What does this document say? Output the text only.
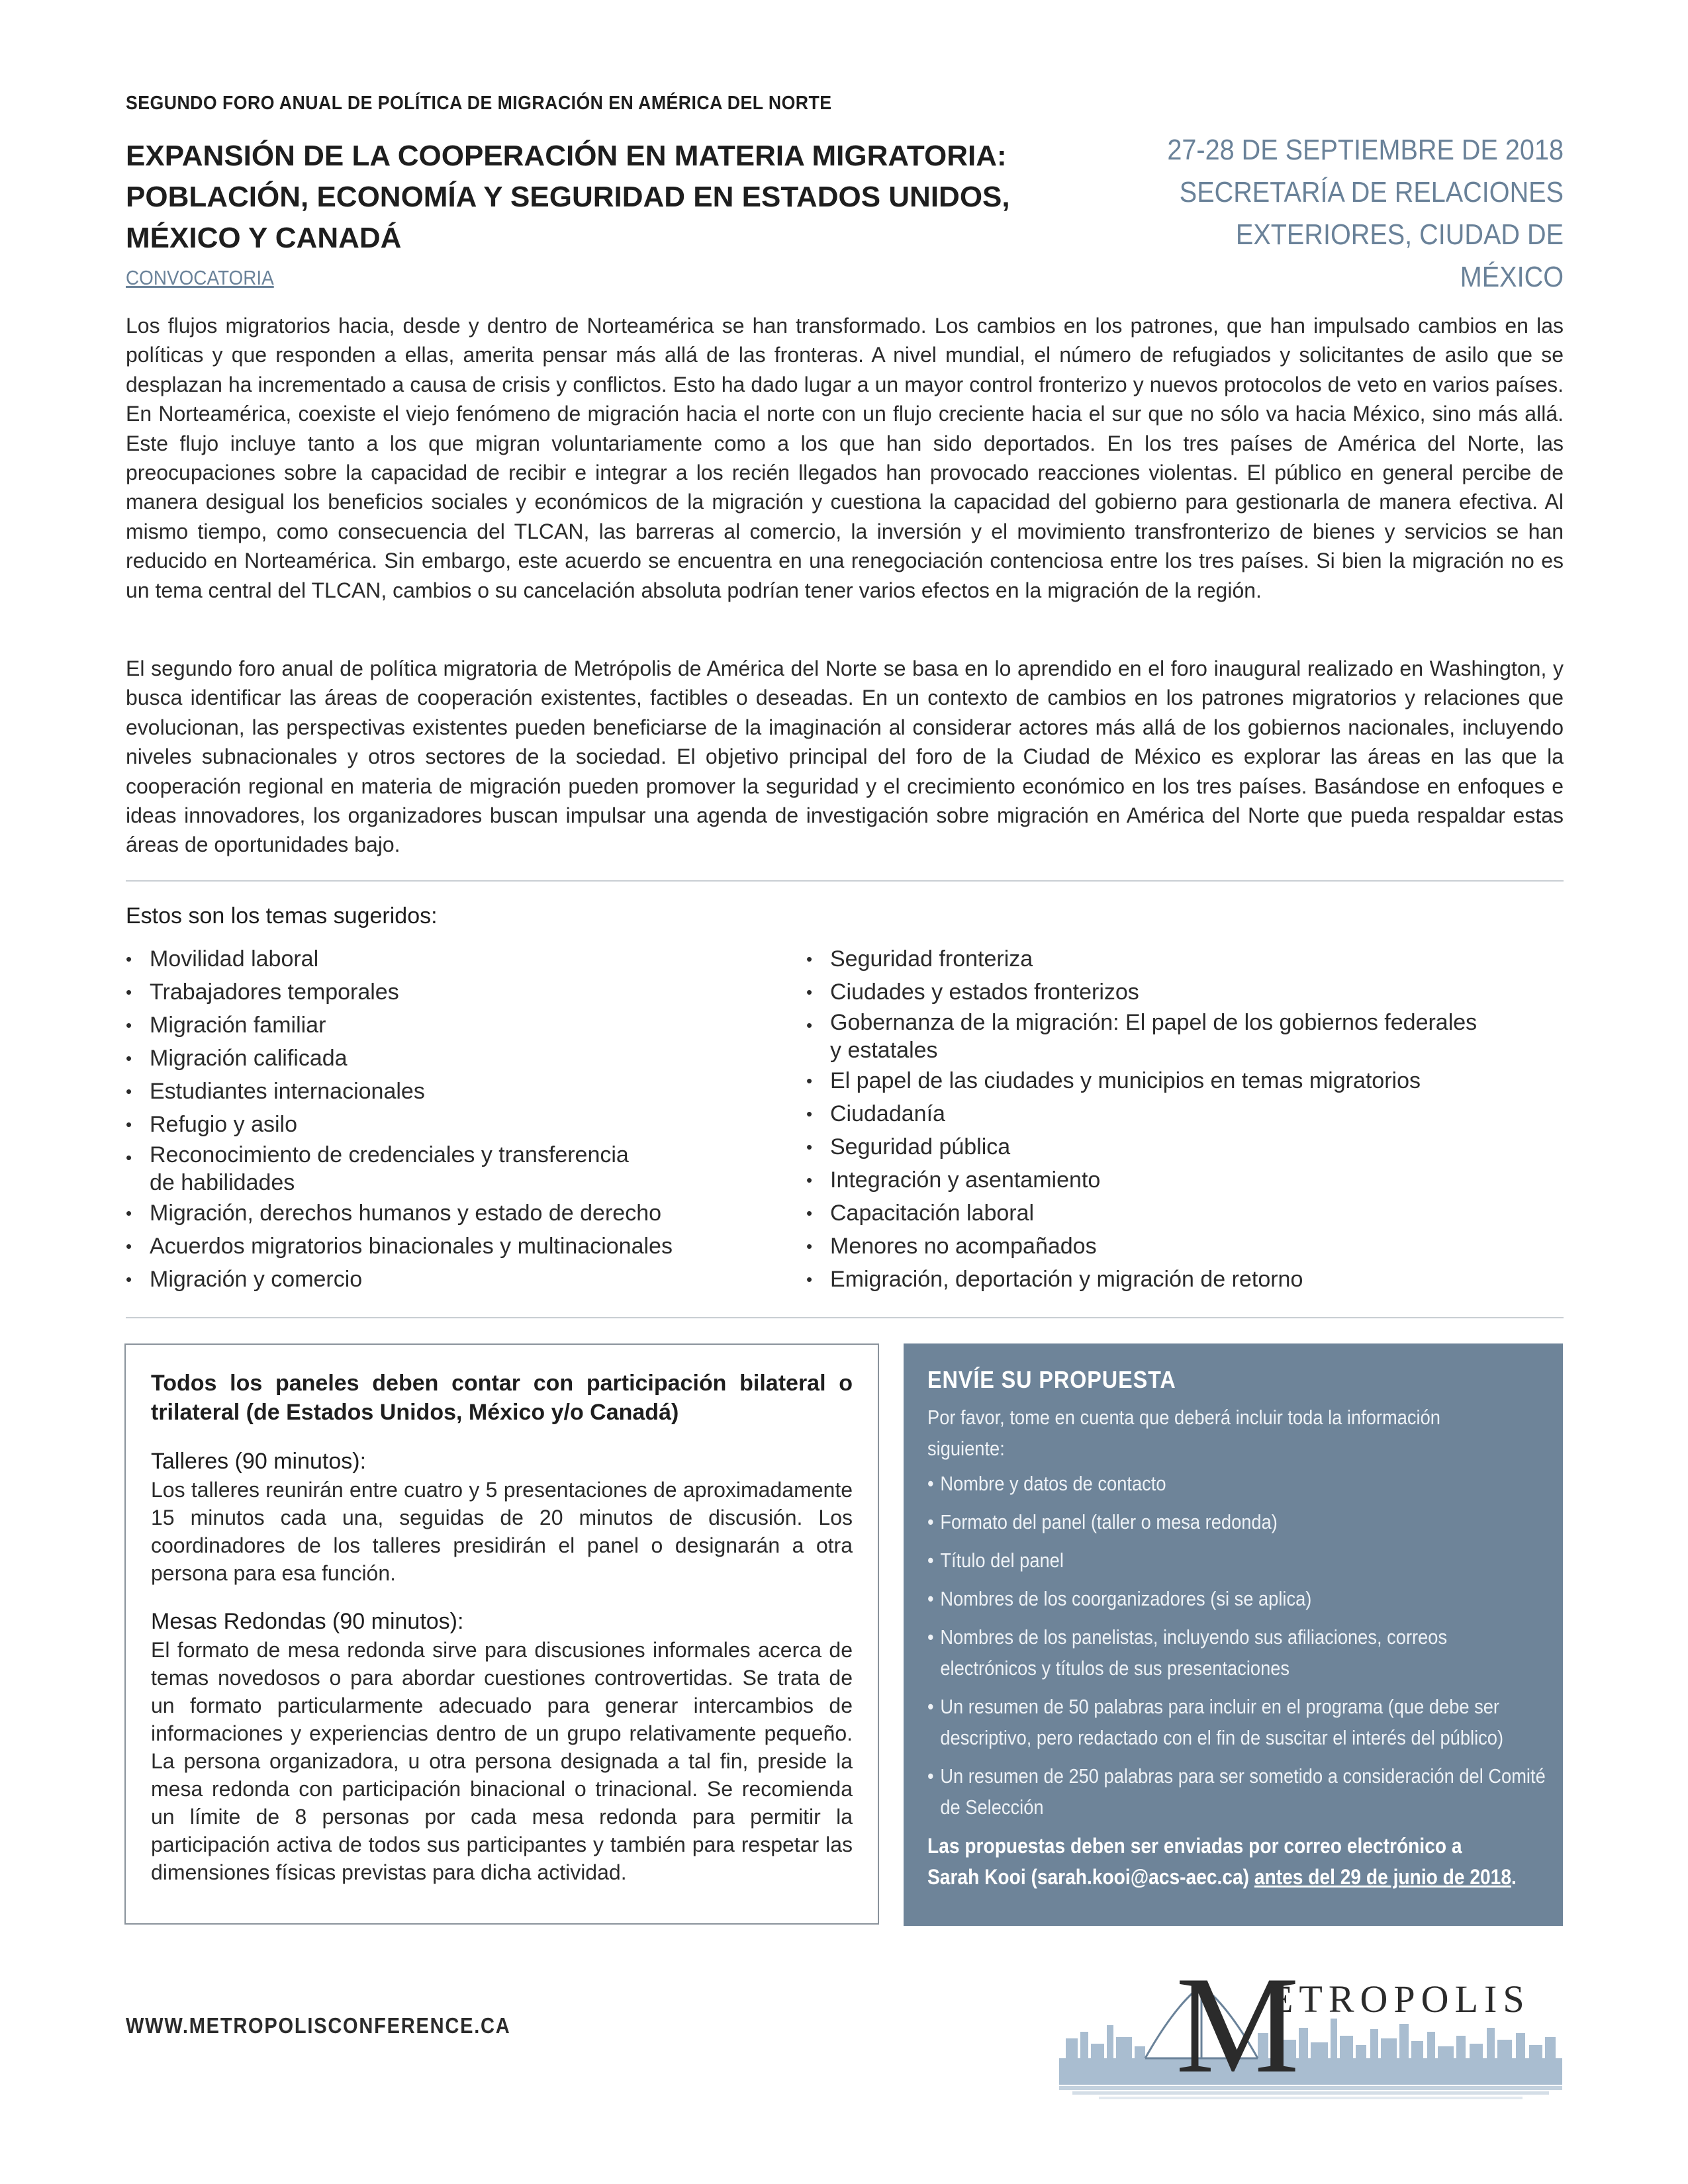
SEGUNDO FORO ANUAL DE POLÍTICA DE MIGRACIÓN EN AMÉRICA DEL NORTE
EXPANSIÓN DE LA COOPERACIÓN EN MATERIA MIGRATORIA:
POBLACIÓN, ECONOMÍA Y SEGURIDAD EN ESTADOS UNIDOS,
MÉXICO Y CANADÁ
27-28 DE SEPTIEMBRE DE 2018
SECRETARÍA DE RELACIONES
EXTERIORES, CIUDAD DE MÉXICO
CONVOCATORIA

Los flujos migratorios hacia, desde y dentro de Norteamérica se han transformado. Los cambios en los patrones, que han impulsado cambios en las políticas y que responden a ellas, amerita pensar más allá de las fronteras. A nivel mundial, el número de refugiados y solicitantes de asilo que se desplazan ha incrementado a causa de crisis y conflictos. Esto ha dado lugar a un mayor control fronterizo y nuevos protocolos de veto en varios países. En Norteamérica, coexiste el viejo fenómeno de migración hacia el norte con un flujo creciente hacia el sur que no sólo va hacia México, sino más allá. Este flujo incluye tanto a los que migran voluntariamente como a los que han sido deportados. En los tres países de América del Norte, las preocupaciones sobre la capacidad de recibir e integrar a los recién llegados han provocado reacciones violentas. El público en general percibe de manera desigual los beneficios sociales y económicos de la migración y cuestiona la capacidad del gobierno para gestionarla de manera efectiva. Al mismo tiempo, como consecuencia del TLCAN, las barreras al comercio, la inversión y el movimiento transfronterizo de bienes y servicios se han reducido en Norteamérica. Sin embargo, este acuerdo se encuentra en una renegociación contenciosa entre los tres países. Si bien la migración no es un tema central del TLCAN, cambios o su cancelación absoluta podrían tener varios efectos en la migración de la región.

El segundo foro anual de política migratoria de Metrópolis de América del Norte se basa en lo aprendido en el foro inaugural realizado en Washington, y busca identificar las áreas de cooperación existentes, factibles o deseadas. En un contexto de cambios en los patrones migratorios y relaciones que evolucionan, las perspectivas existentes pueden beneficiarse de la imaginación al considerar actores más allá de los gobiernos nacionales, incluyendo niveles subnacionales y otros sectores de la sociedad. El objetivo principal del foro de la Ciudad de México es explorar las áreas en las que la cooperación regional en materia de migración pueden promover la seguridad y el crecimiento económico en los tres países. Basándose en enfoques e ideas innovadores, los organizadores buscan impulsar una agenda de investigación sobre migración en América del Norte que pueda respaldar estas áreas de oportunidades bajo.

Estos son los temas sugeridos:
• Movilidad laboral
• Trabajadores temporales
• Migración familiar
• Migración calificada
• Estudiantes internacionales
• Refugio y asilo
• Reconocimiento de credenciales y transferencia
de habilidades
• Migración, derechos humanos y estado de derecho
• Acuerdos migratorios binacionales y multinacionales
• Migración y comercio
• Seguridad fronteriza
• Ciudades y estados fronterizos
• Gobernanza de la migración: El papel de los gobiernos federales
y estatales
• El papel de las ciudades y municipios en temas migratorios
• Ciudadanía
• Seguridad pública
• Integración y asentamiento
• Capacitación laboral
• Menores no acompañados
• Emigración, deportación y migración de retorno
Todos los paneles deben contar con participación bilateral o trilateral (de Estados Unidos, México y/o Canadá)
Talleres (90 minutos):
Los talleres reunirán entre cuatro y 5 presentaciones de aproximadamente 15 minutos cada una, seguidas de 20 minutos de discusión. Los coordinadores de los talleres presidirán el panel o designarán a otra persona para esa función.
Mesas Redondas (90 minutos):
El formato de mesa redonda sirve para discusiones informales acerca de temas novedosos o para abordar cuestiones controvertidas. Se trata de un formato particularmente adecuado para generar intercambios de informaciones y experiencias dentro de un grupo relativamente pequeño. La persona organizadora, u otra persona designada a tal fin, preside la mesa redonda con participación binacional o trinacional. Se recomienda un límite de 8 personas por cada mesa redonda para permitir la participación activa de todos sus participantes y también para respetar las dimensiones físicas previstas para dicha actividad.
ENVÍE SU PROPUESTA
Por favor, tome en cuenta que deberá incluir toda la información siguiente:
• Nombre y datos de contacto
• Formato del panel (taller o mesa redonda)
• Título del panel
• Nombres de los coorganizadores (si se aplica)
• Nombres de los panelistas, incluyendo sus afiliaciones, correos electrónicos y títulos de sus presentaciones
• Un resumen de 50 palabras para incluir en el programa (que debe ser descriptivo, pero redactado con el fin de suscitar el interés del público)
• Un resumen de 250 palabras para ser sometido a consideración del Comité de Selección
Las propuestas deben ser enviadas por correo electrónico a
Sarah Kooi (sarah.kooi@acs-aec.ca) antes del 29 de junio de 2018.
WWW.METROPOLISCONFERENCE.CA	M
ETROPOLIS
